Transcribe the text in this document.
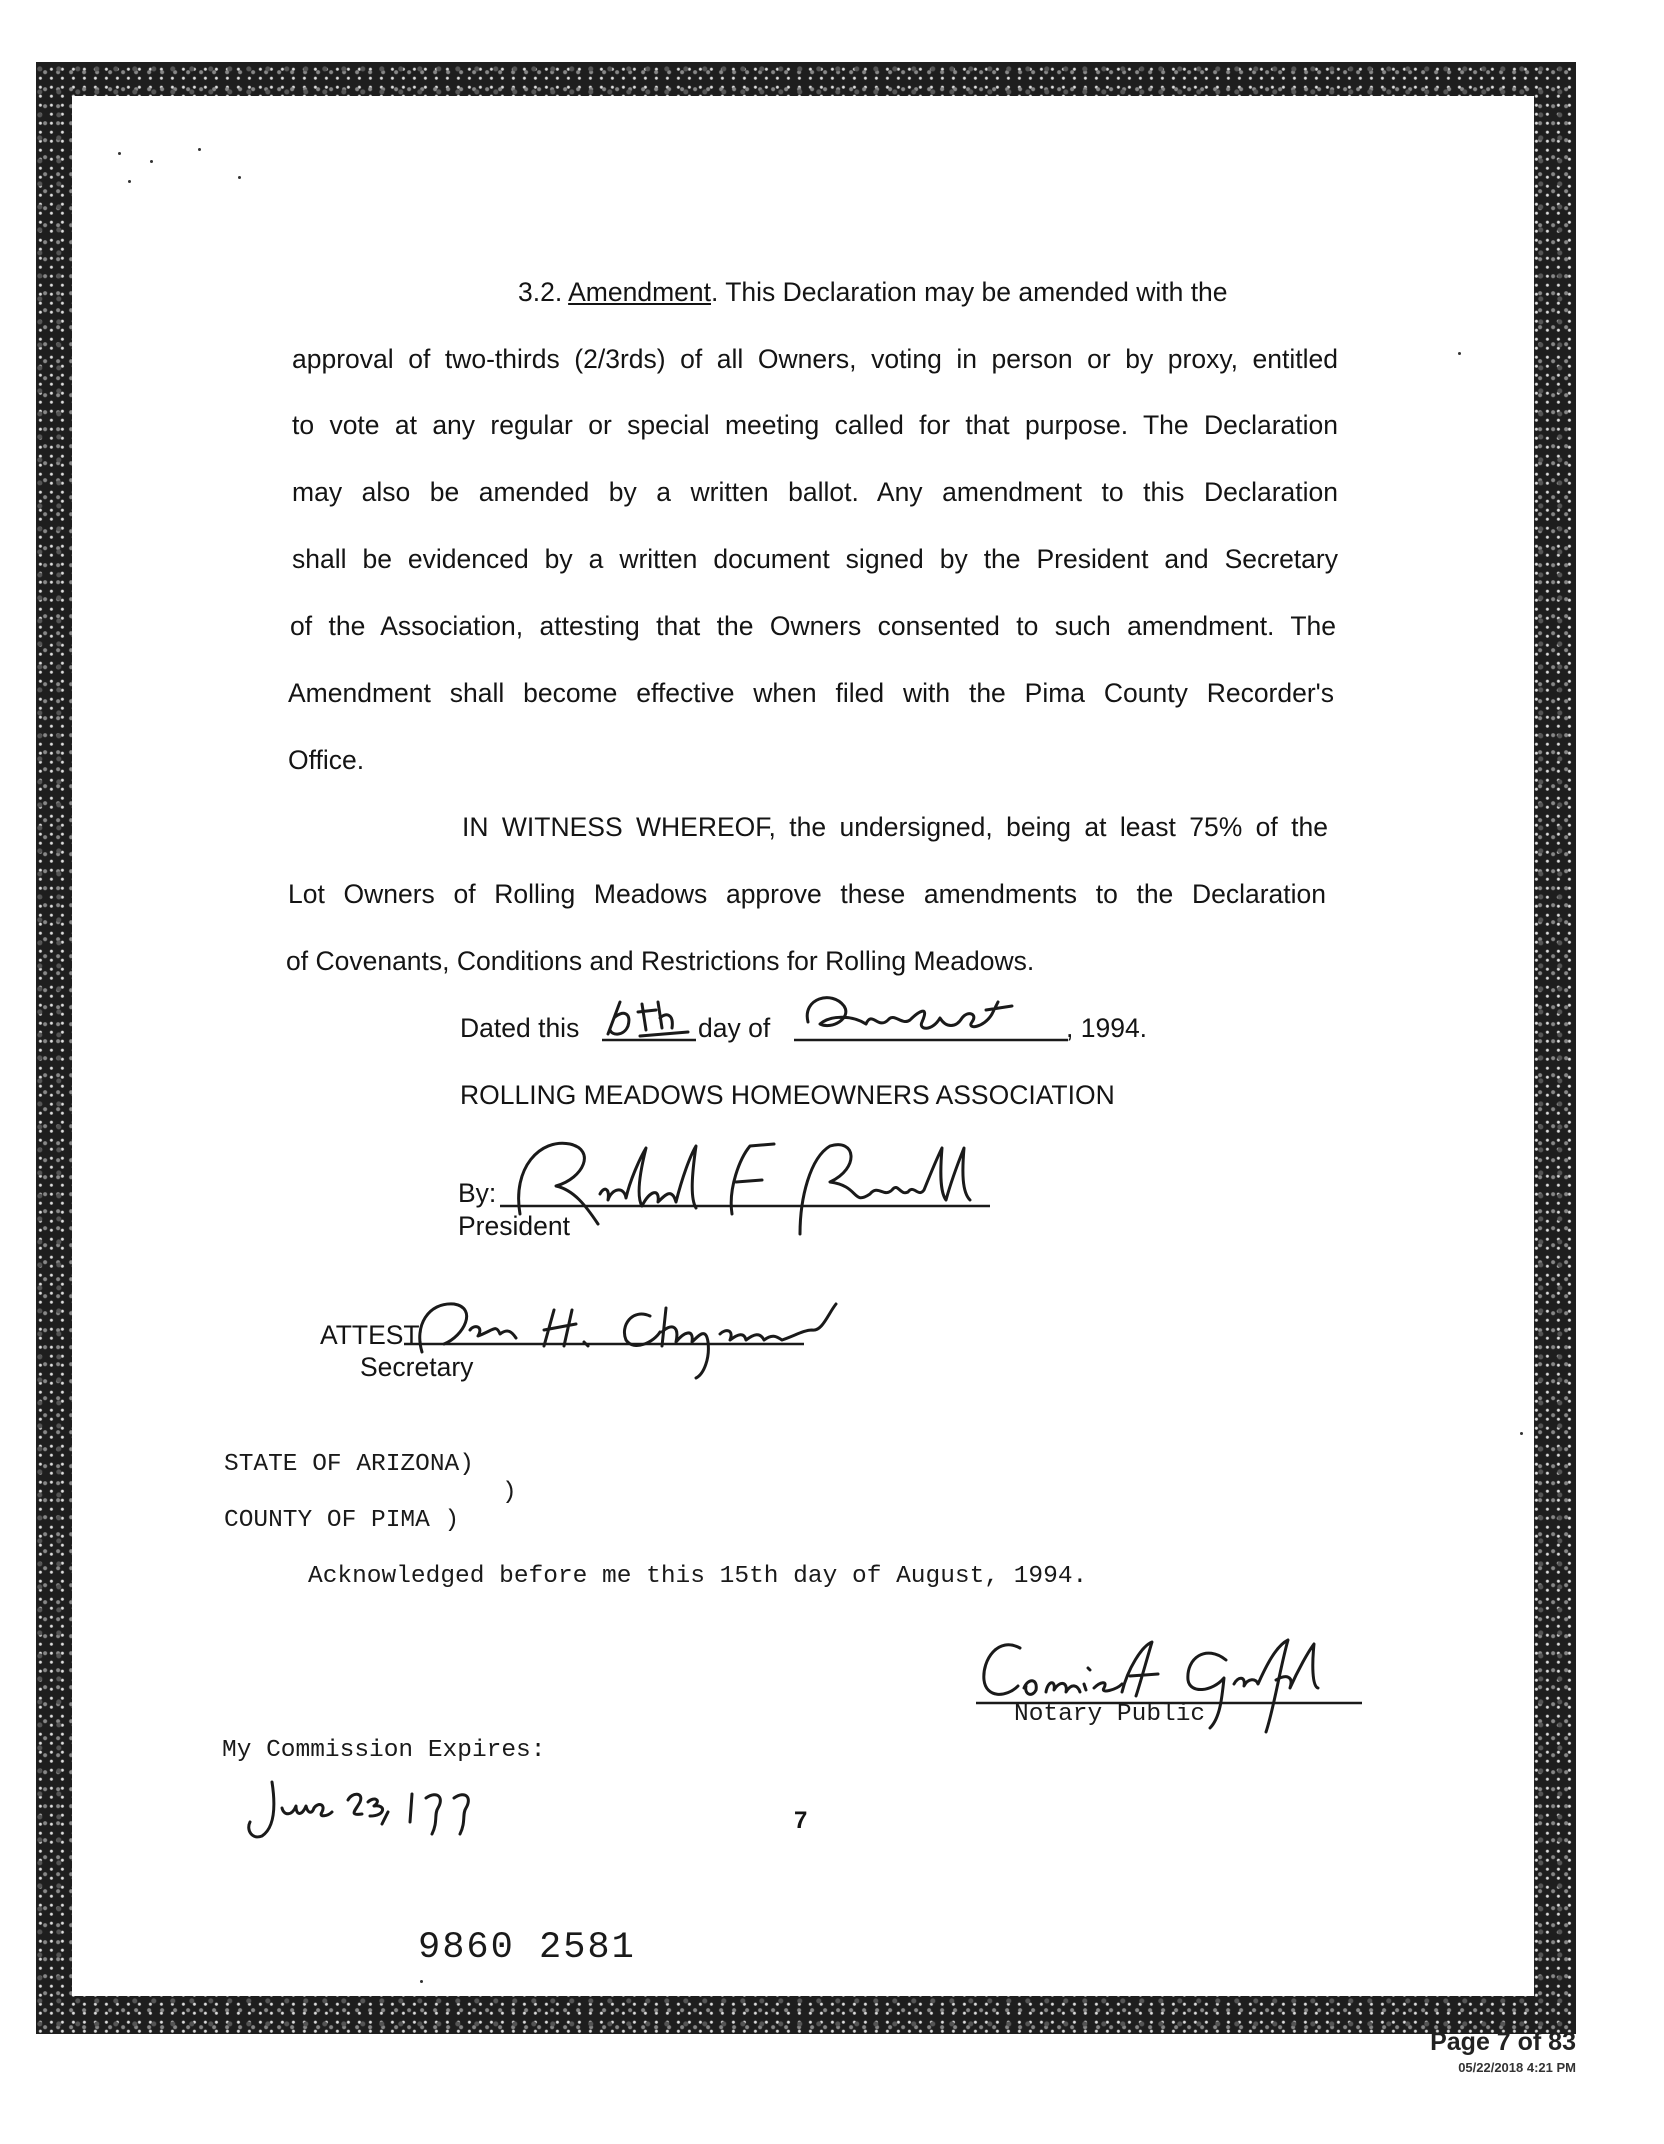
3.2. Amendment. This Declaration may be amended with the
approval of two-thirds (2/3rds) of all Owners, voting in person or by proxy, entitled
to vote at any regular or special meeting called for that purpose. The Declaration
may also be amended by a written ballot. Any amendment to this Declaration
shall be evidenced by a written document signed by the President and Secretary
of the Association, attesting that the Owners consented to such amendment. The
Amendment shall become effective when filed with the Pima County Recorder's
Office.
IN WITNESS WHEREOF, the undersigned, being at least 75% of the
Lot Owners of Rolling Meadows approve these amendments to the Declaration
of Covenants, Conditions and Restrictions for Rolling Meadows.
Dated this	day of	, 1994.
ROLLING MEADOWS HOMEOWNERS ASSOCIATION
By:
President
ATTEST:
Secretary
STATE OF ARIZONA)
)
COUNTY OF PIMA )
Acknowledged before me this 15th day of August, 1994.
Notary Public
My Commission Expires:
7
9860 2581
Page 7 of 83
05/22/2018 4:21 PM
